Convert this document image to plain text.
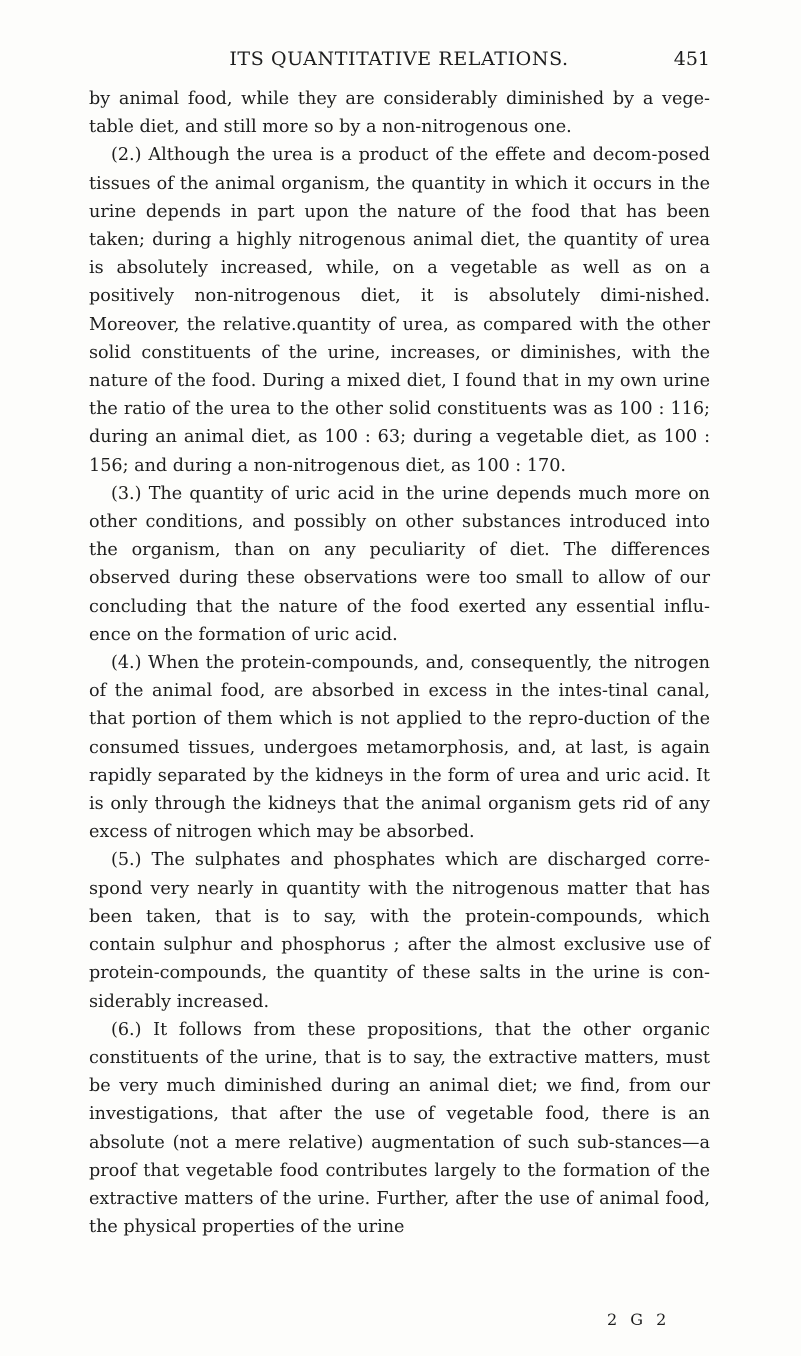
ITS QUANTITATIVE RELATIONS.	451

by animal food, while they are considerably diminished by a vege-table diet, and still more so by a non-nitrogenous one.

(2.) Although the urea is a product of the effete and decom-posed tissues of the animal organism, the quantity in which it occurs in the urine depends in part upon the nature of the food that has been taken; during a highly nitrogenous animal diet, the quantity of urea is absolutely increased, while, on a vegetable as well as on a positively non-nitrogenous diet, it is absolutely dimi-nished. Moreover, the relative.quantity of urea, as compared with the other solid constituents of the urine, increases, or diminishes, with the nature of the food. During a mixed diet, I found that in my own urine the ratio of the urea to the other solid constituents was as 100 : 116; during an animal diet, as 100 : 63; during a vegetable diet, as 100 : 156; and during a non-nitrogenous diet, as 100 : 170.

(3.) The quantity of uric acid in the urine depends much more on other conditions, and possibly on other substances introduced into the organism, than on any peculiarity of diet. The differences observed during these observations were too small to allow of our concluding that the nature of the food exerted any essential influ-ence on the formation of uric acid.

(4.) When the protein-compounds, and, consequently, the nitrogen of the animal food, are absorbed in excess in the intes-tinal canal, that portion of them which is not applied to the repro-duction of the consumed tissues, undergoes metamorphosis, and, at last, is again rapidly separated by the kidneys in the form of urea and uric acid. It is only through the kidneys that the animal organism gets rid of any excess of nitrogen which may be absorbed.

(5.) The sulphates and phosphates which are discharged corre-spond very nearly in quantity with the nitrogenous matter that has been taken, that is to say, with the protein-compounds, which contain sulphur and phosphorus ; after the almost exclusive use of protein-compounds, the quantity of these salts in the urine is con-siderably increased.

(6.) It follows from these propositions, that the other organic constituents of the urine, that is to say, the extractive matters, must be very much diminished during an animal diet; we find, from our investigations, that after the use of vegetable food, there is an absolute (not a mere relative) augmentation of such sub-stances—a proof that vegetable food contributes largely to the formation of the extractive matters of the urine. Further, after the use of animal food, the physical properties of the urine

2 G 2
